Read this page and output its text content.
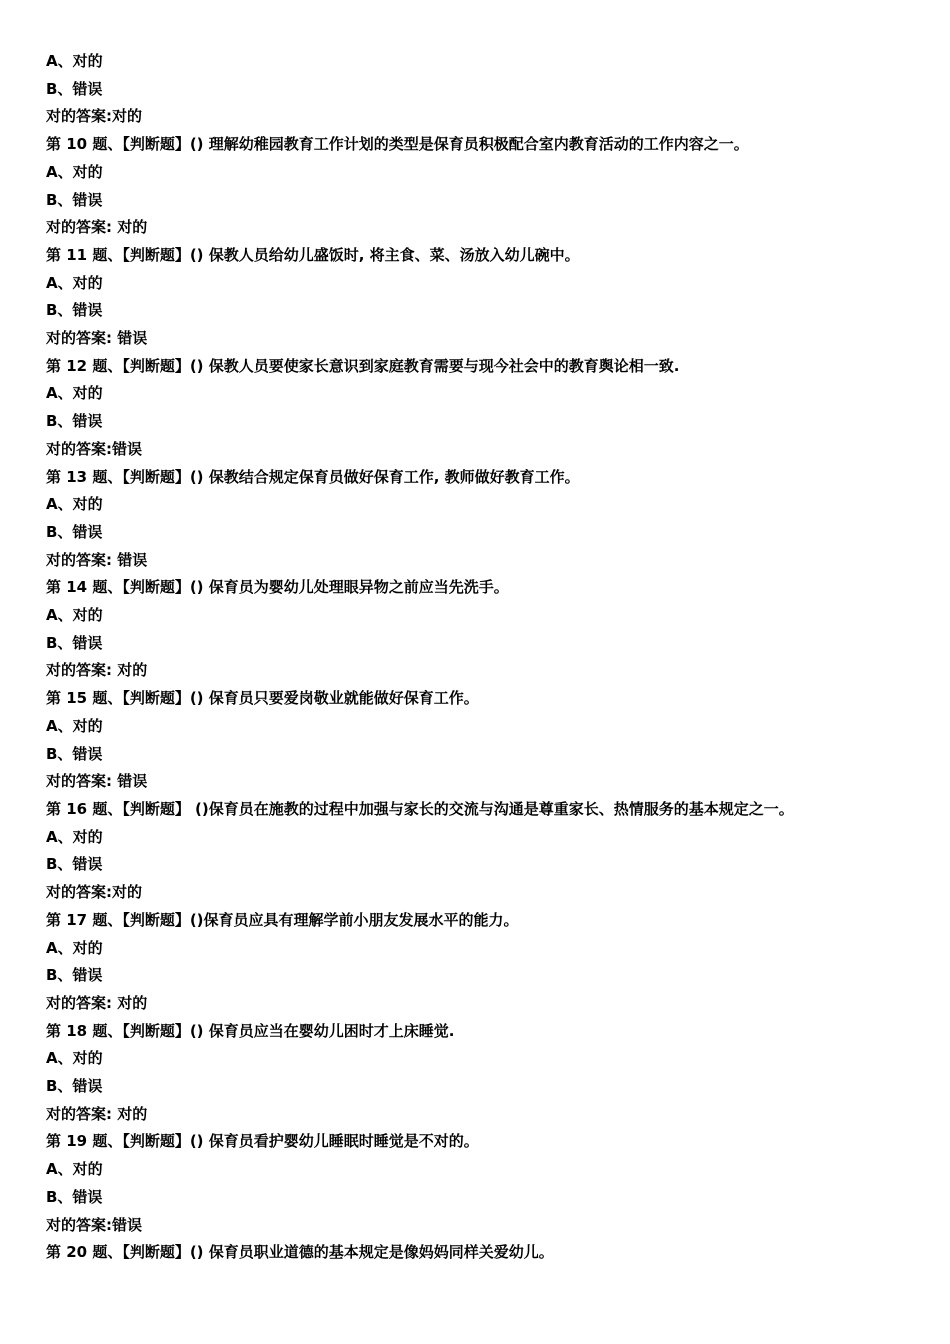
A、对的
B、错误
对的答案:对的
第 10 题、【判断题】() 理解幼稚园教育工作计划的类型是保育员积极配合室内教育活动的工作内容之一。
A、对的
B、错误
对的答案: 对的
第 11 题、【判断题】() 保教人员给幼儿盛饭时, 将主食、菜、汤放入幼儿碗中。
A、对的
B、错误
对的答案: 错误
第 12 题、【判断题】() 保教人员要使家长意识到家庭教育需要与现今社会中的教育舆论相一致.
A、对的
B、错误
对的答案:错误
第 13 题、【判断题】() 保教结合规定保育员做好保育工作, 教师做好教育工作。
A、对的
B、错误
对的答案: 错误
第 14 题、【判断题】() 保育员为婴幼儿处理眼异物之前应当先洗手。
A、对的
B、错误
对的答案: 对的
第 15 题、【判断题】() 保育员只要爱岗敬业就能做好保育工作。
A、对的
B、错误
对的答案: 错误
第 16 题、【判断题】 ()保育员在施教的过程中加强与家长的交流与沟通是尊重家长、热情服务的基本规定之一。
A、对的
B、错误
对的答案:对的
第 17 题、【判断题】()保育员应具有理解学前小朋友发展水平的能力。
A、对的
B、错误
对的答案: 对的
第 18 题、【判断题】() 保育员应当在婴幼儿困时才上床睡觉.
A、对的
B、错误
对的答案: 对的
第 19 题、【判断题】() 保育员看护婴幼儿睡眠时睡觉是不对的。
A、对的
B、错误
对的答案:错误
第 20 题、【判断题】() 保育员职业道德的基本规定是像妈妈同样关爱幼儿。
